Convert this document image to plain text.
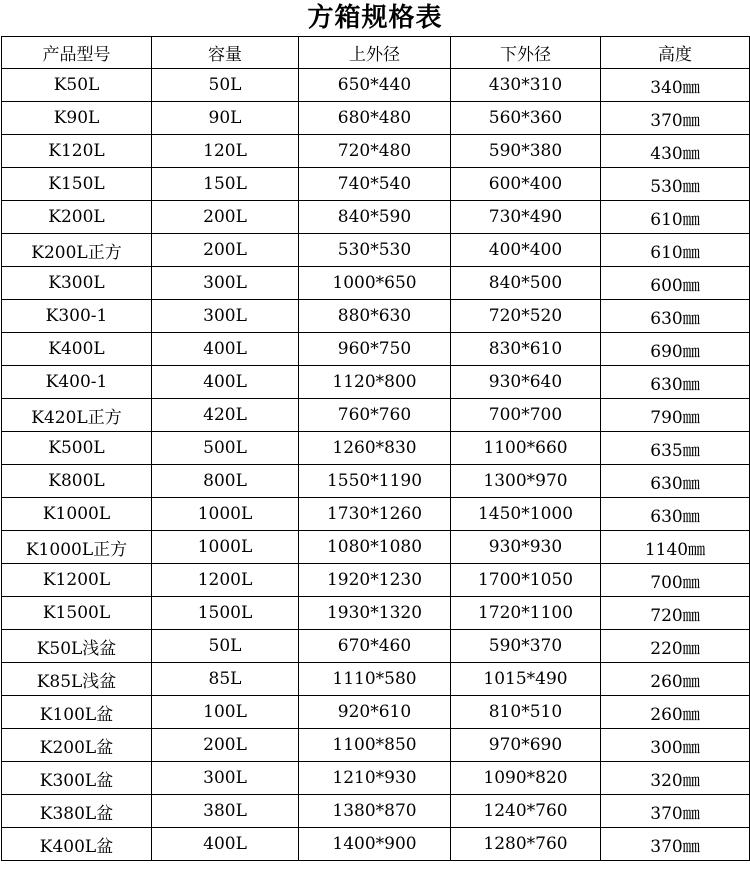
方箱规格表
产品型号	容量	上外径	下外径	高度
K50L	50L	650*440	430*310	340㎜
K90L	90L	680*480	560*360	370㎜
K120L	120L	720*480	590*380	430㎜
K150L	150L	740*540	600*400	530㎜
K200L	200L	840*590	730*490	610㎜
K200L正方	200L	530*530	400*400	610㎜
K300L	300L	1000*650	840*500	600㎜
K300-1	300L	880*630	720*520	630㎜
K400L	400L	960*750	830*610	690㎜
K400-1	400L	1120*800	930*640	630㎜
K420L正方	420L	760*760	700*700	790㎜
K500L	500L	1260*830	1100*660	635㎜
K800L	800L	1550*1190	1300*970	630㎜
K1000L	1000L	1730*1260	1450*1000	630㎜
K1000L正方	1000L	1080*1080	930*930	1140㎜
K1200L	1200L	1920*1230	1700*1050	700㎜
K1500L	1500L	1930*1320	1720*1100	720㎜
K50L浅盆	50L	670*460	590*370	220㎜
K85L浅盆	85L	1110*580	1015*490	260㎜
K100L盆	100L	920*610	810*510	260㎜
K200L盆	200L	1100*850	970*690	300㎜
K300L盆	300L	1210*930	1090*820	320㎜
K380L盆	380L	1380*870	1240*760	370㎜
K400L盆	400L	1400*900	1280*760	370㎜
